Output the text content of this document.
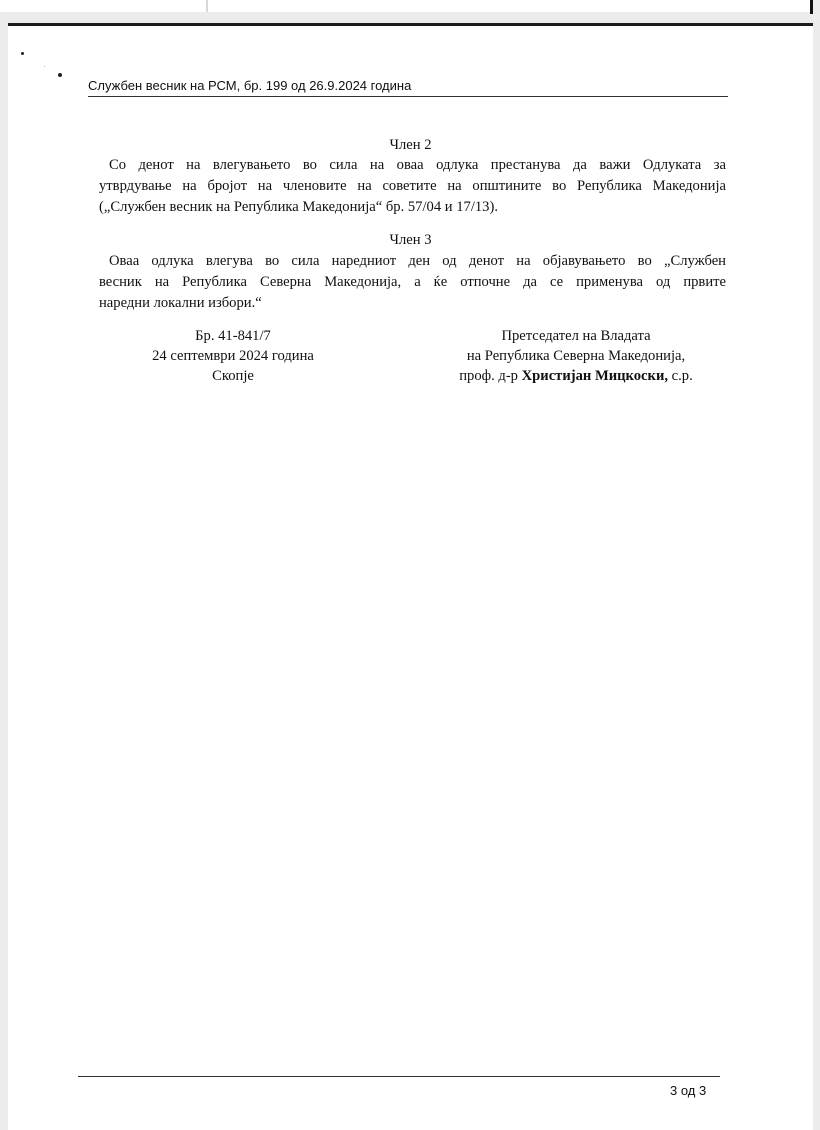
Службен весник на РСМ, бр. 199 од 26.9.2024 година
Член 2
Со денот на влегувањето во сила на оваа одлука престанува да важи Одлуката за
утврдување на бројот на членовите на советите на општините во Република Македонија
(„Службен весник на Република Македонија“ бр. 57/04 и 17/13).
Член 3
Оваа одлука влегува во сила наредниот ден од денот на објавувањето во „Службен
весник на Република Северна Македонија, а ќе отпочне да се применува од првите
наредни локални избори.“
Бр. 41-841/7
24 септември 2024 година
Скопје
Претседател на Владата
на Република Северна Македонија,
проф. д-р Христијан Мицкоски, с.р.
3 од 3
